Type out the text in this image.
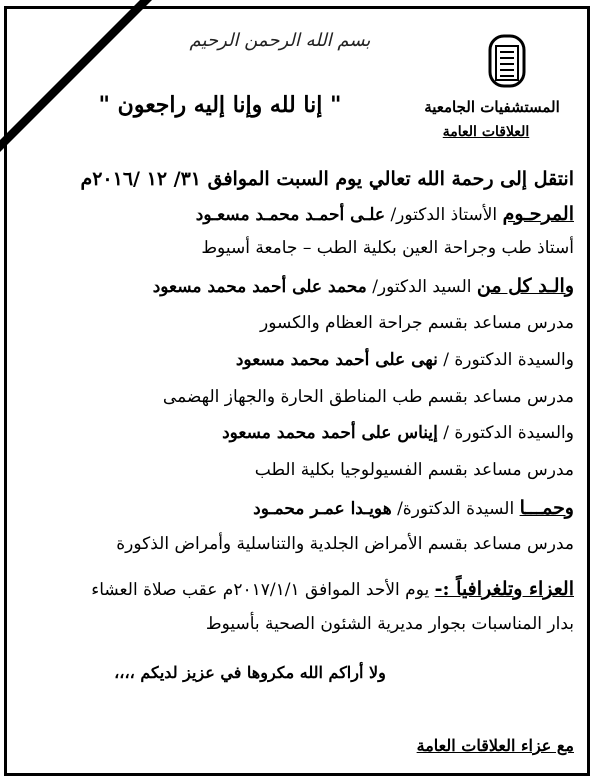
بسم الله الرحمن الرحيم
المستشفيات الجامعية
العلاقات العامة
" إنا لله وإنا إليه راجعون "
انتقل إلى رحمة الله تعالي يوم السبت الموافق ٣١/ ١٢ /٢٠١٦م
المرحـوم الأستاذ الدكتور/ علـى أحمـد محمـد مسعـود
أستاذ طب وجراحة العين بكلية الطب – جامعة أسيوط
والـد كل من السيد الدكتور/ محمد على أحمد محمد مسعود
مدرس مساعد بقسم جراحة العظام والكسور
والسيدة الدكتورة / نهى على أحمد محمد مسعود
مدرس مساعد بقسم طب المناطق الحارة والجهاز الهضمى
والسيدة الدكتورة / إيناس على أحمد محمد مسعود
مدرس مساعد بقسم الفسيولوجيا بكلية الطب
وحمـــا السيدة الدكتورة/ هويـدا عمـر محمـود
مدرس مساعد بقسم الأمراض الجلدية والتناسلية وأمراض الذكورة
العزاء وتلغرافياً :- يوم الأحد الموافق ٢٠١٧/١/١م عقب صلاة العشاء
بدار المناسبات بجوار مديرية الشئون الصحية بأسيوط
ولا أراكم الله مكروها في عزيز لديكم ،،،،
مع عزاء العلاقات العامة
